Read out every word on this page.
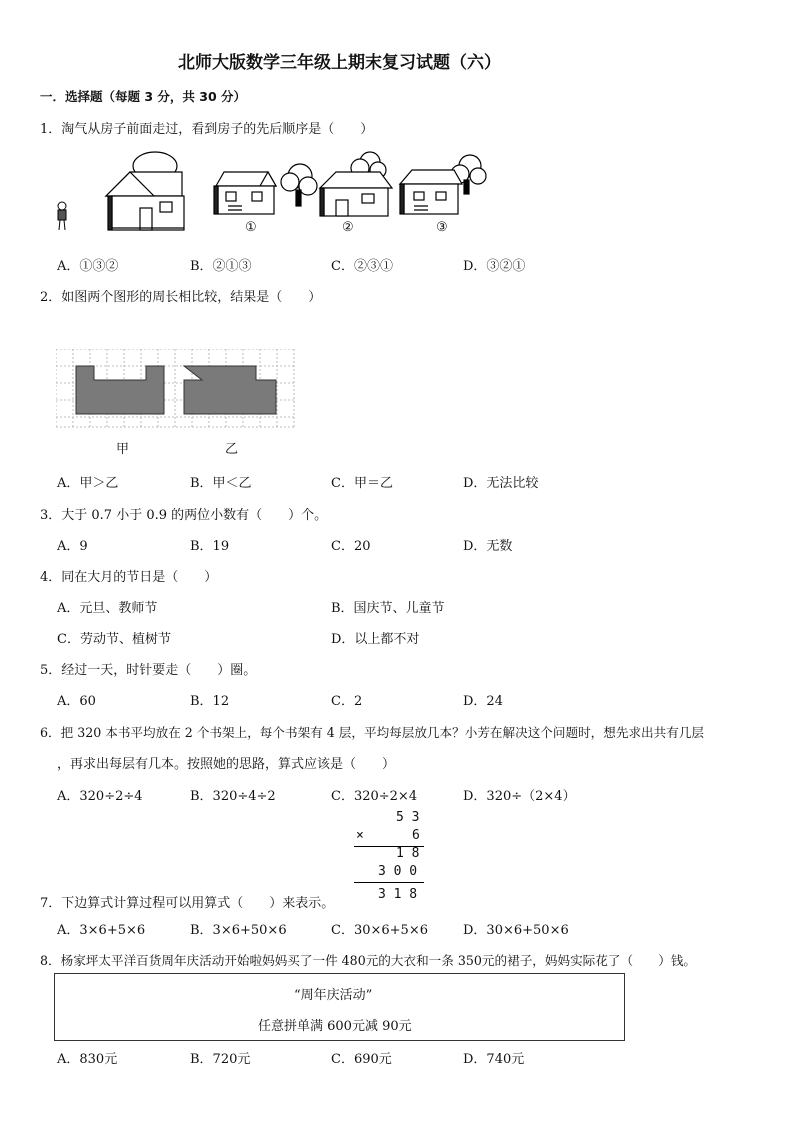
北师大版数学三年级上期末复习试题（六）
一．选择题（每题 3 分，共 30 分）
1．淘气从房子前面走过，看到房子的先后顺序是（　　）
①	②	③
A．①③②	B．②①③	C．②③①	D．③②①
2．如图两个图形的周长相比较，结果是（　　）
甲	乙
A．甲＞乙	B．甲＜乙	C．甲＝乙	D．无法比较
3．大于 0.7 小于 0.9 的两位小数有（　　）个。
A．9	B．19	C．20	D．无数
4．同在大月的节日是（　　）
A．元旦、教师节	B．国庆节、儿童节
C．劳动节、植树节	D．以上都不对
5．经过一天，时针要走（　　）圈。
A．60	B．12	C．2	D．24
6．把 320 本书平均放在 2 个书架上，每个书架有 4 层，平均每层放几本？小芳在解决这个问题时，想先求出共有几层
，再求出每层有几本。按照她的思路，算式应该是（　　）
A．320÷2÷4	B．320÷4÷2	C．320÷2×4	D．320÷（2×4）
5 3
×	6
1 8
3 0 0
3 1 8
7．下边算式计算过程可以用算式（　　）来表示。
A．3×6+5×6	B．3×6+50×6	C．30×6+5×6	D．30×6+50×6
8．杨家坪太平洋百货周年庆活动开始啦妈妈买了一件 480元的大衣和一条 350元的裙子，妈妈实际花了（　　）钱。
“周年庆活动”
任意拼单满 600元减 90元
A．830元	B．720元	C．690元	D．740元
